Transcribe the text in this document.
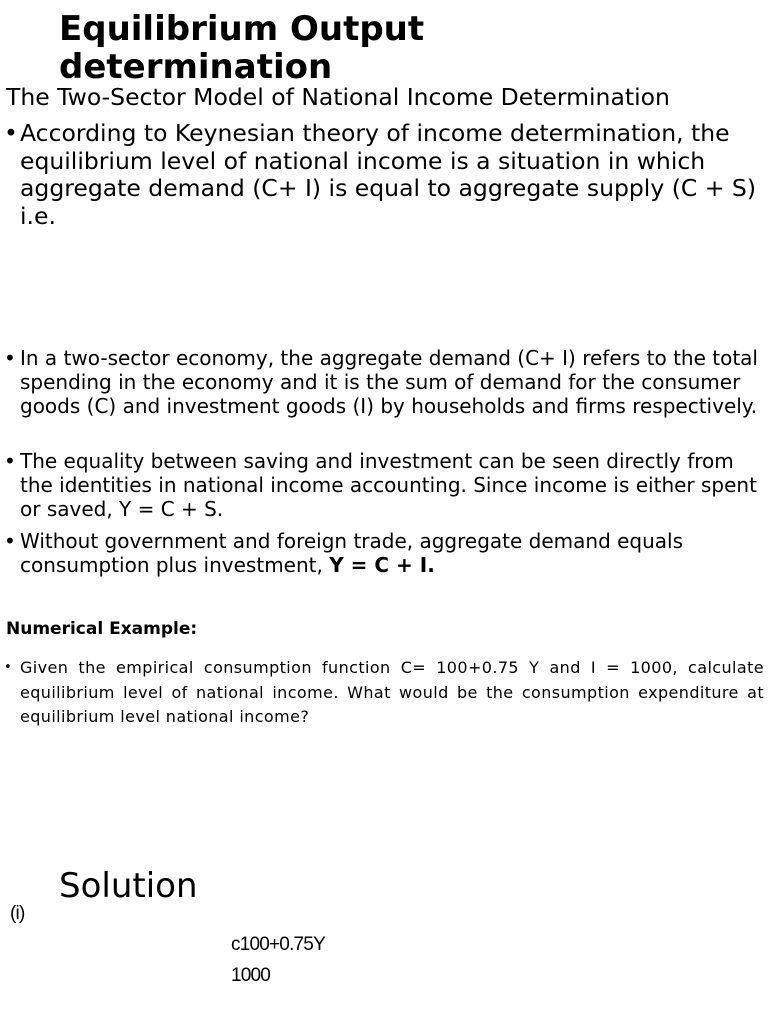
Equilibrium Output determination
The Two-Sector Model of National Income Determination
• According to Keynesian theory of income determination, the equilibrium level of national income is a situation in which aggregate demand (C+ I) is equal to aggregate supply (C + S) i.e.
• In a two-sector economy, the aggregate demand (C+ I) refers to the total spending in the economy and it is the sum of demand for the consumer goods (C) and investment goods (I) by households and firms respectively.
• The equality between saving and investment can be seen directly from the identities in national income accounting. Since income is either spent or saved, Y = C + S.
• Without government and foreign trade, aggregate demand equals consumption plus investment, Y = C + I.
Numerical Example:
• Given the empirical consumption function C= 100+0.75 Y and I = 1000, calculate equilibrium level of national income. What would be the consumption expenditure at equilibrium level national income?
Solution
(i)
c100+0.75Y
1000
